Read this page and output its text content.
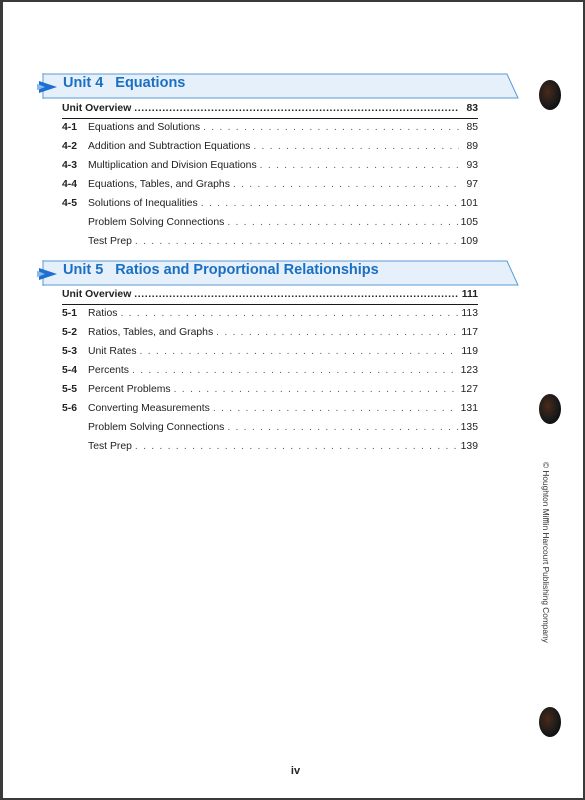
Unit 4 Equations
Unit Overview .....	83
4-1	Equations and Solutions . . .	85
4-2	Addition and Subtraction Equations . . .	89
4-3	Multiplication and Division Equations . . .	93
4-4	Equations, Tables, and Graphs . . .	97
4-5	Solutions of Inequalities . . .	101
Problem Solving Connections . . .	105
Test Prep . . .	109
Unit 5 Ratios and Proportional Relationships
Unit Overview .....	111
5-1	Ratios . . .	113
5-2	Ratios, Tables, and Graphs . . .	117
5-3	Unit Rates . . .	119
5-4	Percents . . .	123
5-5	Percent Problems . . .	127
5-6	Converting Measurements . . .	131
Problem Solving Connections . . .	135
Test Prep . . .	139
© Houghton Mifflin Harcourt Publishing Company
iv
